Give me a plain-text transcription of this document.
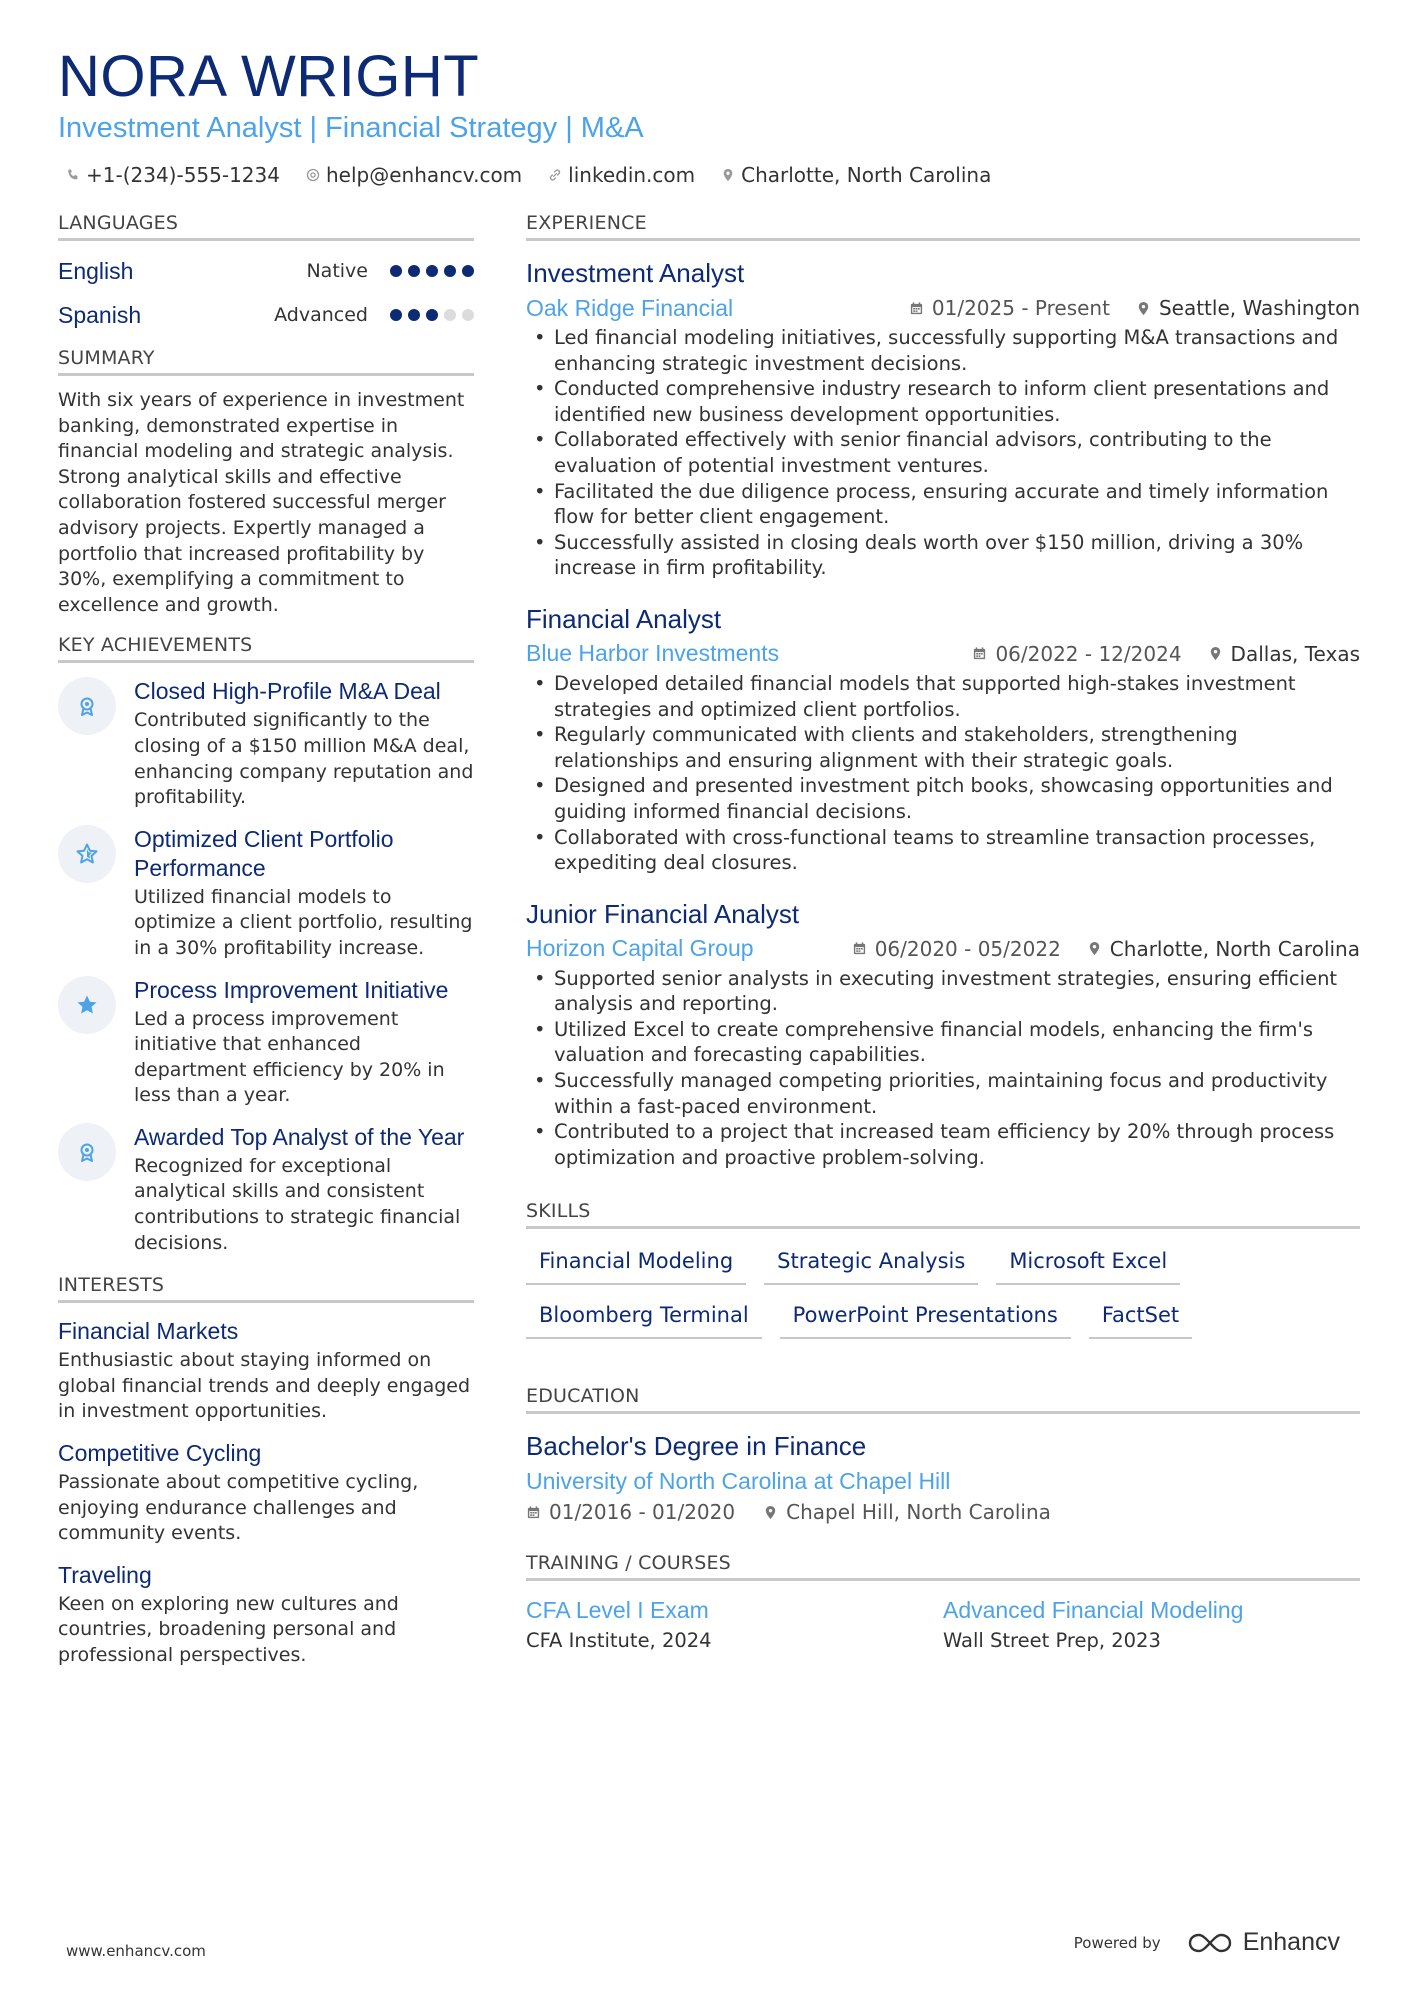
NORA WRIGHT
Investment Analyst | Financial Strategy | M&A
+1-(234)-555-1234 help@enhancv.com linkedin.com Charlotte, North Carolina
LANGUAGES
English	Native
Spanish	Advanced
SUMMARY

With six years of experience in investment banking, demonstrated expertise in financial modeling and strategic analysis. Strong analytical skills and effective collaboration fostered successful merger advisory projects. Expertly managed a portfolio that increased profitability by 30%, exemplifying a commitment to excellence and growth.

KEY ACHIEVEMENTS
Closed High-Profile M&A Deal
Contributed significantly to the closing of a $150 million M&A deal, enhancing company reputation and profitability.
Optimized Client Portfolio Performance
Utilized financial models to optimize a client portfolio, resulting in a 30% profitability increase.
Process Improvement Initiative
Led a process improvement initiative that enhanced department efficiency by 20% in less than a year.
Awarded Top Analyst of the Year
Recognized for exceptional analytical skills and consistent contributions to strategic financial decisions.
INTERESTS
Financial Markets
Enthusiastic about staying informed on global financial trends and deeply engaged in investment opportunities.
Competitive Cycling
Passionate about competitive cycling, enjoying endurance challenges and community events.
Traveling
Keen on exploring new cultures and countries, broadening personal and professional perspectives.
EXPERIENCE
Investment Analyst
Oak Ridge Financial	01/2025 - Present Seattle, Washington
• Led financial modeling initiatives, successfully supporting M&A transactions and enhancing strategic investment decisions.
• Conducted comprehensive industry research to inform client presentations and identified new business development opportunities.
• Collaborated effectively with senior financial advisors, contributing to the evaluation of potential investment ventures.
• Facilitated the due diligence process, ensuring accurate and timely information flow for better client engagement.
• Successfully assisted in closing deals worth over $150 million, driving a 30% increase in firm profitability.
Financial Analyst
Blue Harbor Investments	06/2022 - 12/2024 Dallas, Texas
• Developed detailed financial models that supported high-stakes investment strategies and optimized client portfolios.
• Regularly communicated with clients and stakeholders, strengthening relationships and ensuring alignment with their strategic goals.
• Designed and presented investment pitch books, showcasing opportunities and guiding informed financial decisions.
• Collaborated with cross-functional teams to streamline transaction processes, expediting deal closures.
Junior Financial Analyst
Horizon Capital Group	06/2020 - 05/2022 Charlotte, North Carolina
• Supported senior analysts in executing investment strategies, ensuring efficient analysis and reporting.
• Utilized Excel to create comprehensive financial models, enhancing the firm's valuation and forecasting capabilities.
• Successfully managed competing priorities, maintaining focus and productivity within a fast-paced environment.
• Contributed to a project that increased team efficiency by 20% through process optimization and proactive problem-solving.
SKILLS
Financial Modeling	Strategic Analysis	Microsoft Excel
Bloomberg Terminal	PowerPoint Presentations	FactSet
EDUCATION
Bachelor's Degree in Finance
University of North Carolina at Chapel Hill
01/2016 - 01/2020	Chapel Hill, North Carolina
TRAINING / COURSES
CFA Level I Exam
CFA Institute, 2024
Advanced Financial Modeling
Wall Street Prep, 2023
www.enhancv.com	Powered by	Enhancv
